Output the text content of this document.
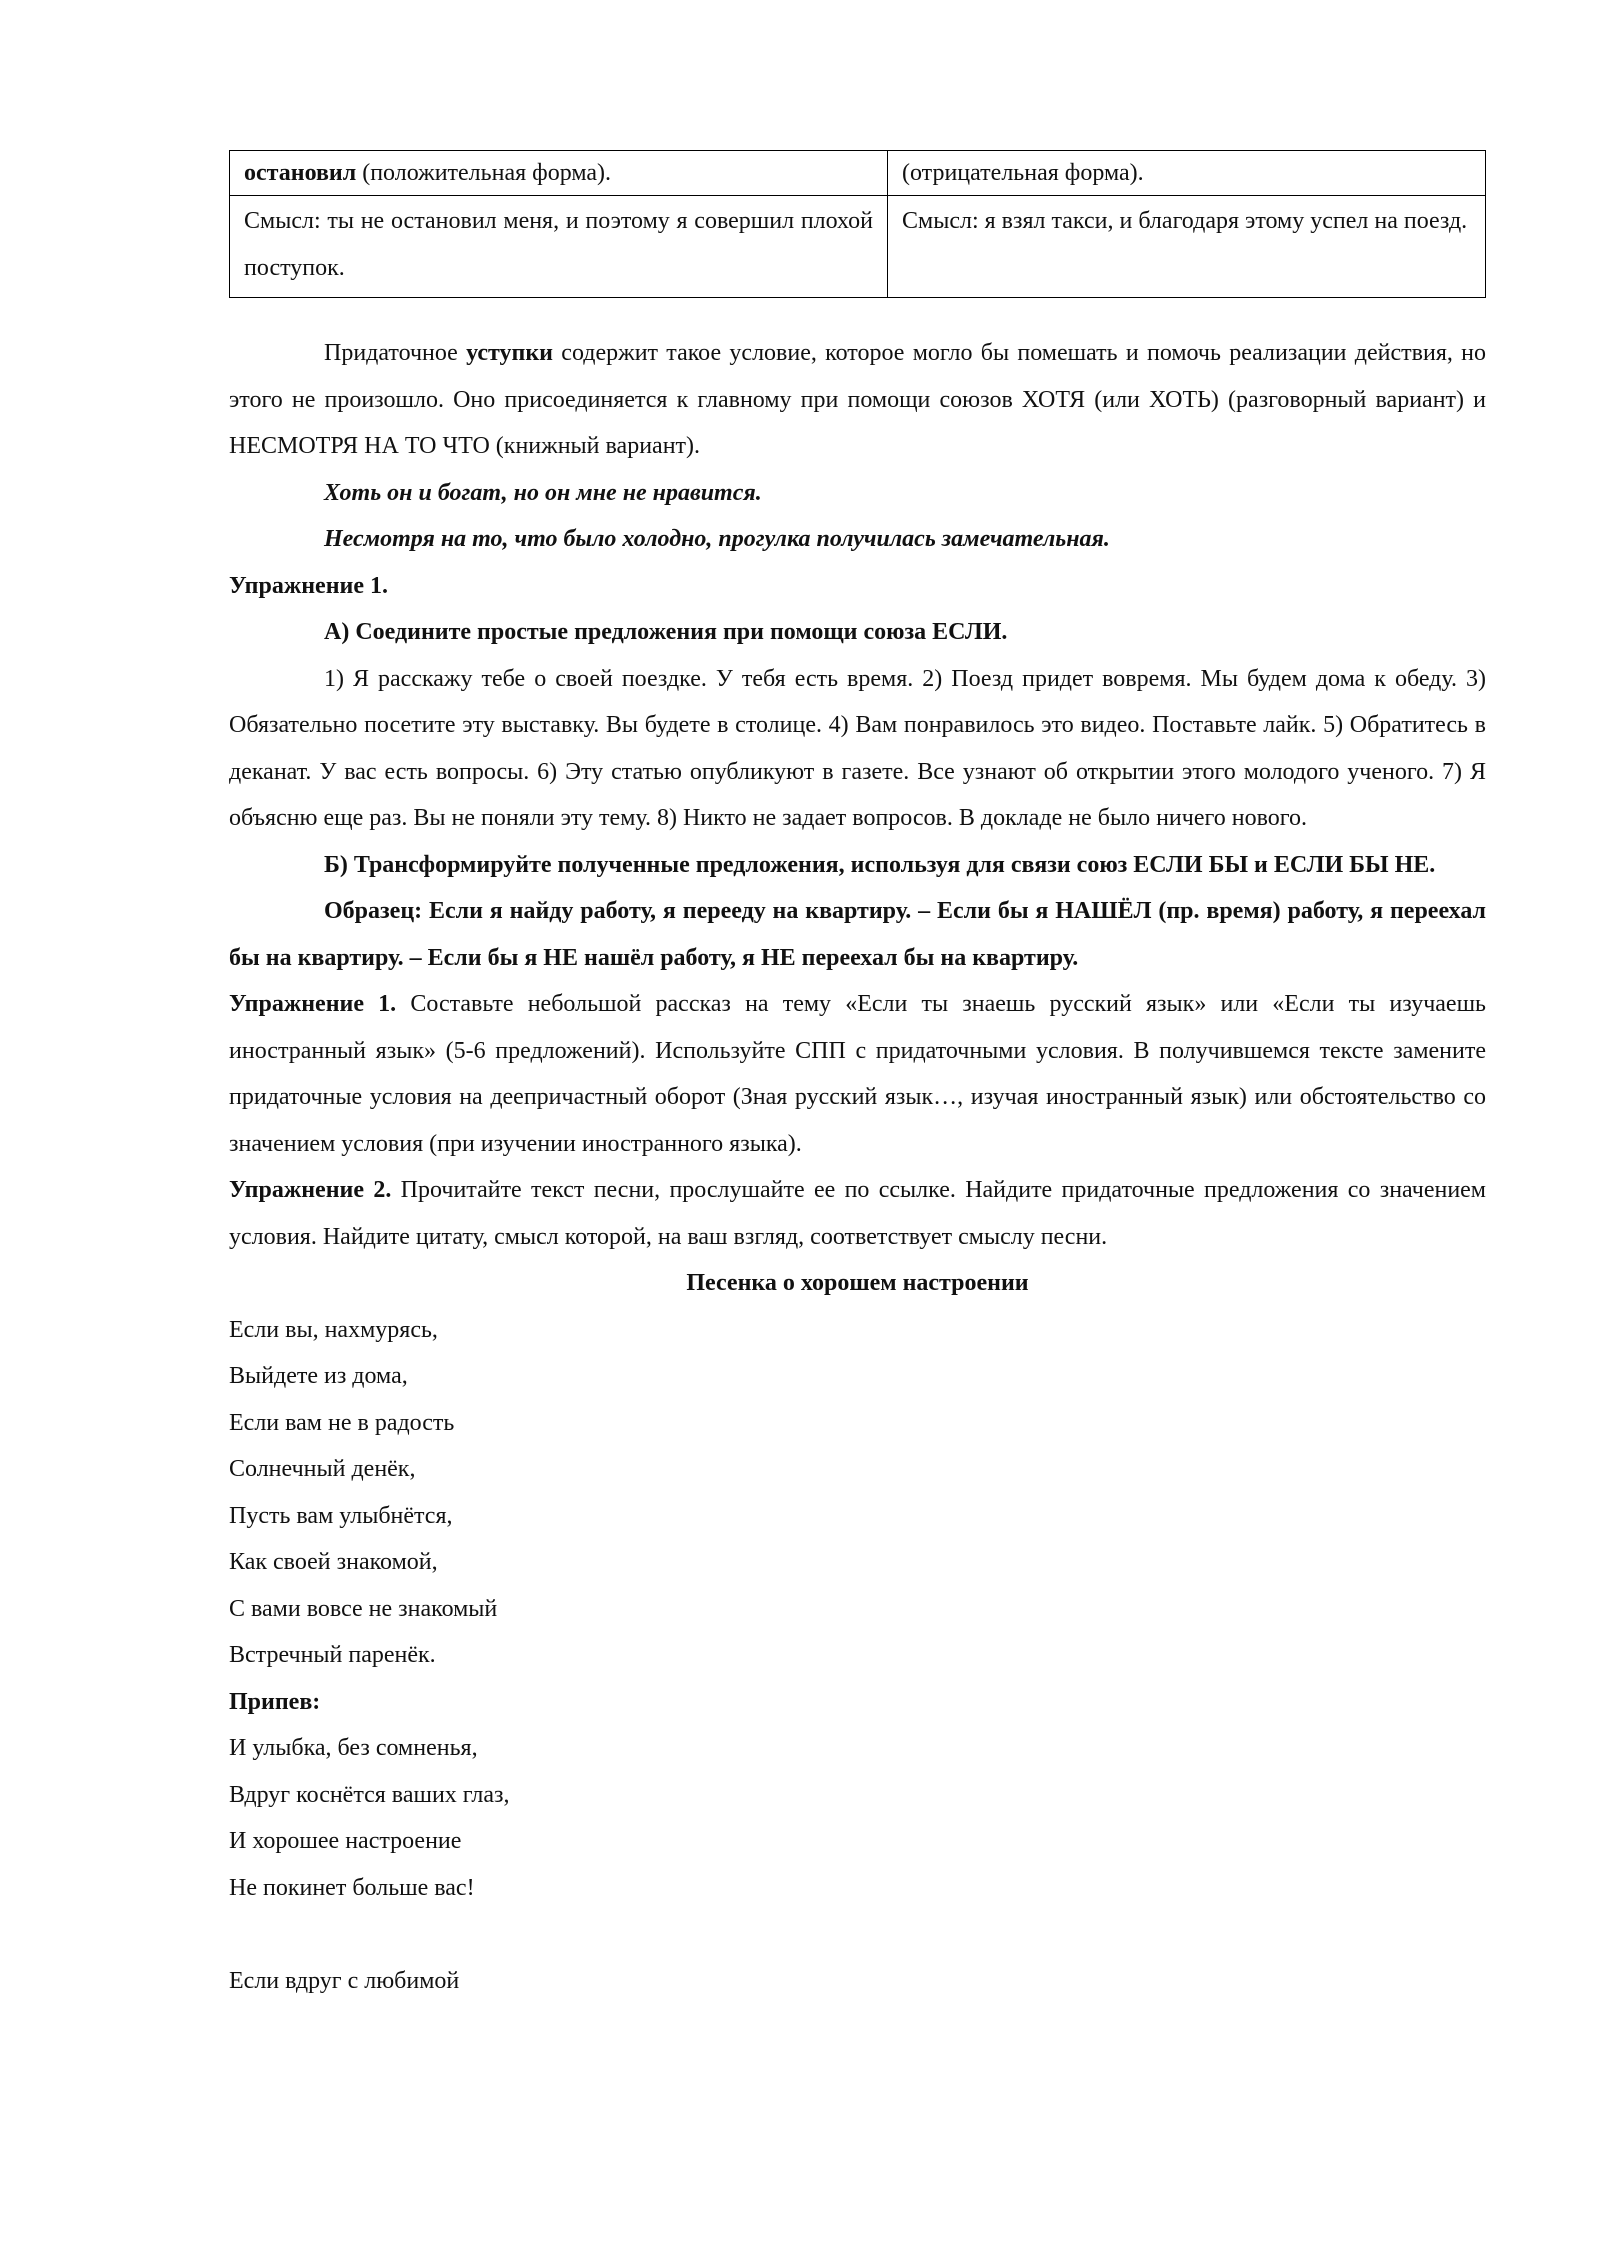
остановил (положительная форма).	(отрицательная форма).
Смысл: ты не остановил меня, и поэтому я совершил плохой поступок.	Смысл: я взял такси, и благодаря этому успел на поезд.

Придаточное уступки содержит такое условие, которое могло бы помешать и помочь реализации действия, но этого не произошло. Оно присоединяется к главному при помощи союзов ХОТЯ (или ХОТЬ) (разговорный вариант) и НЕСМОТРЯ НА ТО ЧТО (книжный вариант).

Хоть он и богат, но он мне не нравится.

Несмотря на то, что было холодно, прогулка получилась замечательная.

Упражнение 1.

А) Соедините простые предложения при помощи союза ЕСЛИ.

1) Я расскажу тебе о своей поездке. У тебя есть время. 2) Поезд придет вовремя. Мы будем дома к обеду. 3) Обязательно посетите эту выставку. Вы будете в столице. 4) Вам понравилось это видео. Поставьте лайк. 5) Обратитесь в деканат. У вас есть вопросы. 6) Эту статью опубликуют в газете. Все узнают об открытии этого молодого ученого. 7) Я объясню еще раз. Вы не поняли эту тему. 8) Никто не задает вопросов. В докладе не было ничего нового.

Б) Трансформируйте полученные предложения, используя для связи союз ЕСЛИ БЫ и ЕСЛИ БЫ НЕ.

Образец: Если я найду работу, я перееду на квартиру. – Если бы я НАШЁЛ (пр. время) работу, я переехал бы на квартиру. – Если бы я НЕ нашёл работу, я НЕ переехал бы на квартиру.

Упражнение 1. Составьте небольшой рассказ на тему «Если ты знаешь русский язык» или «Если ты изучаешь иностранный язык» (5-6 предложений). Используйте СПП с придаточными условия. В получившемся тексте замените придаточные условия на деепричастный оборот (Зная русский язык…, изучая иностранный язык) или обстоятельство со значением условия (при изучении иностранного языка).

Упражнение 2. Прочитайте текст песни, прослушайте ее по ссылке. Найдите придаточные предложения со значением условия. Найдите цитату, смысл которой, на ваш взгляд, соответствует смыслу песни.

Песенка о хорошем настроении

Если вы, нахмурясь,

Выйдете из дома,

Если вам не в радость

Солнечный денёк,

Пусть вам улыбнётся,

Как своей знакомой,

С вами вовсе не знакомый

Встречный паренёк.

Припев:

И улыбка, без сомненья,

Вдруг коснётся ваших глаз,

И хорошее настроение

Не покинет больше вас!

Если вдруг с любимой
